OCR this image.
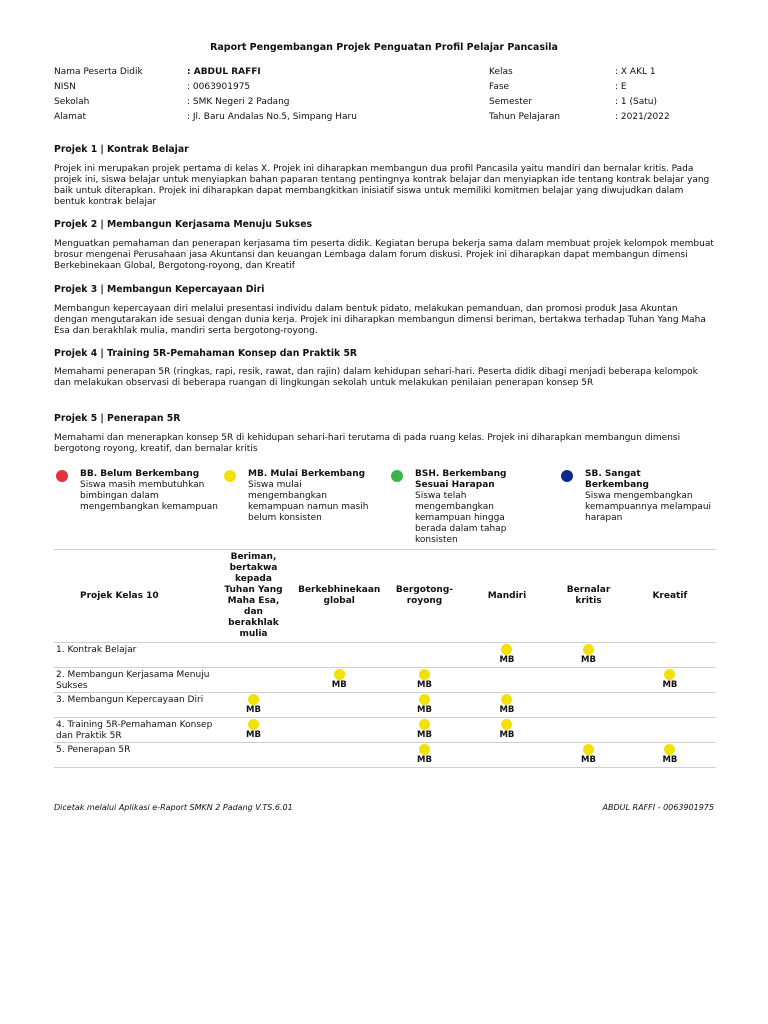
Raport Pengembangan Projek Penguatan Profil Pelajar Pancasila
Nama Peserta Didik	: ABDUL RAFFI
NISN	: 0063901975
Sekolah	: SMK Negeri 2 Padang
Alamat	: Jl. Baru Andalas No.5, Simpang Haru
Kelas	: X AKL 1
Fase	: E
Semester	: 1 (Satu)
Tahun Pelajaran	: 2021/2022
Projek 1 | Kontrak Belajar
Projek ini merupakan projek pertama di kelas X. Projek ini diharapkan membangun dua profil Pancasila yaitu mandiri dan bernalar kritis. Pada projek ini, siswa belajar untuk menyiapkan bahan paparan tentang pentingnya kontrak belajar dan menyiapkan ide tentang kontrak belajar yang baik untuk diterapkan. Projek ini diharapkan dapat membangkitkan inisiatif siswa untuk memiliki komitmen belajar yang diwujudkan dalam bentuk kontrak belajar
Projek 2 | Membangun Kerjasama Menuju Sukses
Menguatkan pemahaman dan penerapan kerjasama tim peserta didik. Kegiatan berupa bekerja sama dalam membuat projek kelompok membuat brosur mengenai Perusahaan jasa Akuntansi dan keuangan Lembaga dalam forum diskusi. Projek ini diharapkan dapat membangun dimensi Berkebinekaan Global, Bergotong-royong, dan Kreatif
Projek 3 | Membangun Kepercayaan Diri
Membangun kepercayaan diri melalui presentasi individu dalam bentuk pidato, melakukan pemanduan, dan promosi produk Jasa Akuntan dengan mengutarakan ide sesuai dengan dunia kerja. Projek ini diharapkan membangun dimensi beriman, bertakwa terhadap Tuhan Yang Maha Esa dan berakhlak mulia, mandiri serta bergotong-royong.
Projek 4 | Training 5R-Pemahaman Konsep dan Praktik 5R
Memahami penerapan 5R (ringkas, rapi, resik, rawat, dan rajin) dalam kehidupan sehari-hari. Peserta didik dibagi menjadi beberapa kelompok dan melakukan observasi di beberapa ruangan di lingkungan sekolah untuk melakukan penilaian penerapan konsep 5R
Projek 5 | Penerapan 5R
Memahami dan menerapkan konsep 5R di kehidupan sehari-hari terutama di pada ruang kelas. Projek ini diharapkan membangun dimensi bergotong royong, kreatif, dan bernalar kritis
BB. Belum Berkembang
Siswa masih membutuhkan bimbingan dalam mengembangkan kemampuan
MB. Mulai Berkembang
Siswa mulai mengembangkan kemampuan namun masih belum konsisten
BSH. Berkembang Sesuai Harapan
Siswa telah mengembangkan kemampuan hingga berada dalam tahap konsisten
SB. Sangat Berkembang
Siswa mengembangkan kemampuannya melampaui harapan
Projek Kelas 10	Beriman, bertakwa kepada Tuhan Yang Maha Esa, dan berakhlak mulia	Berkebhinekaan global	Bergotong-royong	Mandiri	Bernalar kritis	Kreatif
1. Kontrak Belajar				MB	MB	

2. Membangun Kerjasama Menuju Sukses		MB	MB			MB

3. Membangun Kepercayaan Diri	MB		MB	MB		

4. Training 5R-Pemahaman Konsep dan Praktik 5R	MB		MB	MB		

5. Penerapan 5R			MB		MB	MB
Dicetak melalui Aplikasi e-Raport SMKN 2 Padang V.TS.6.01	ABDUL RAFFI - 0063901975
